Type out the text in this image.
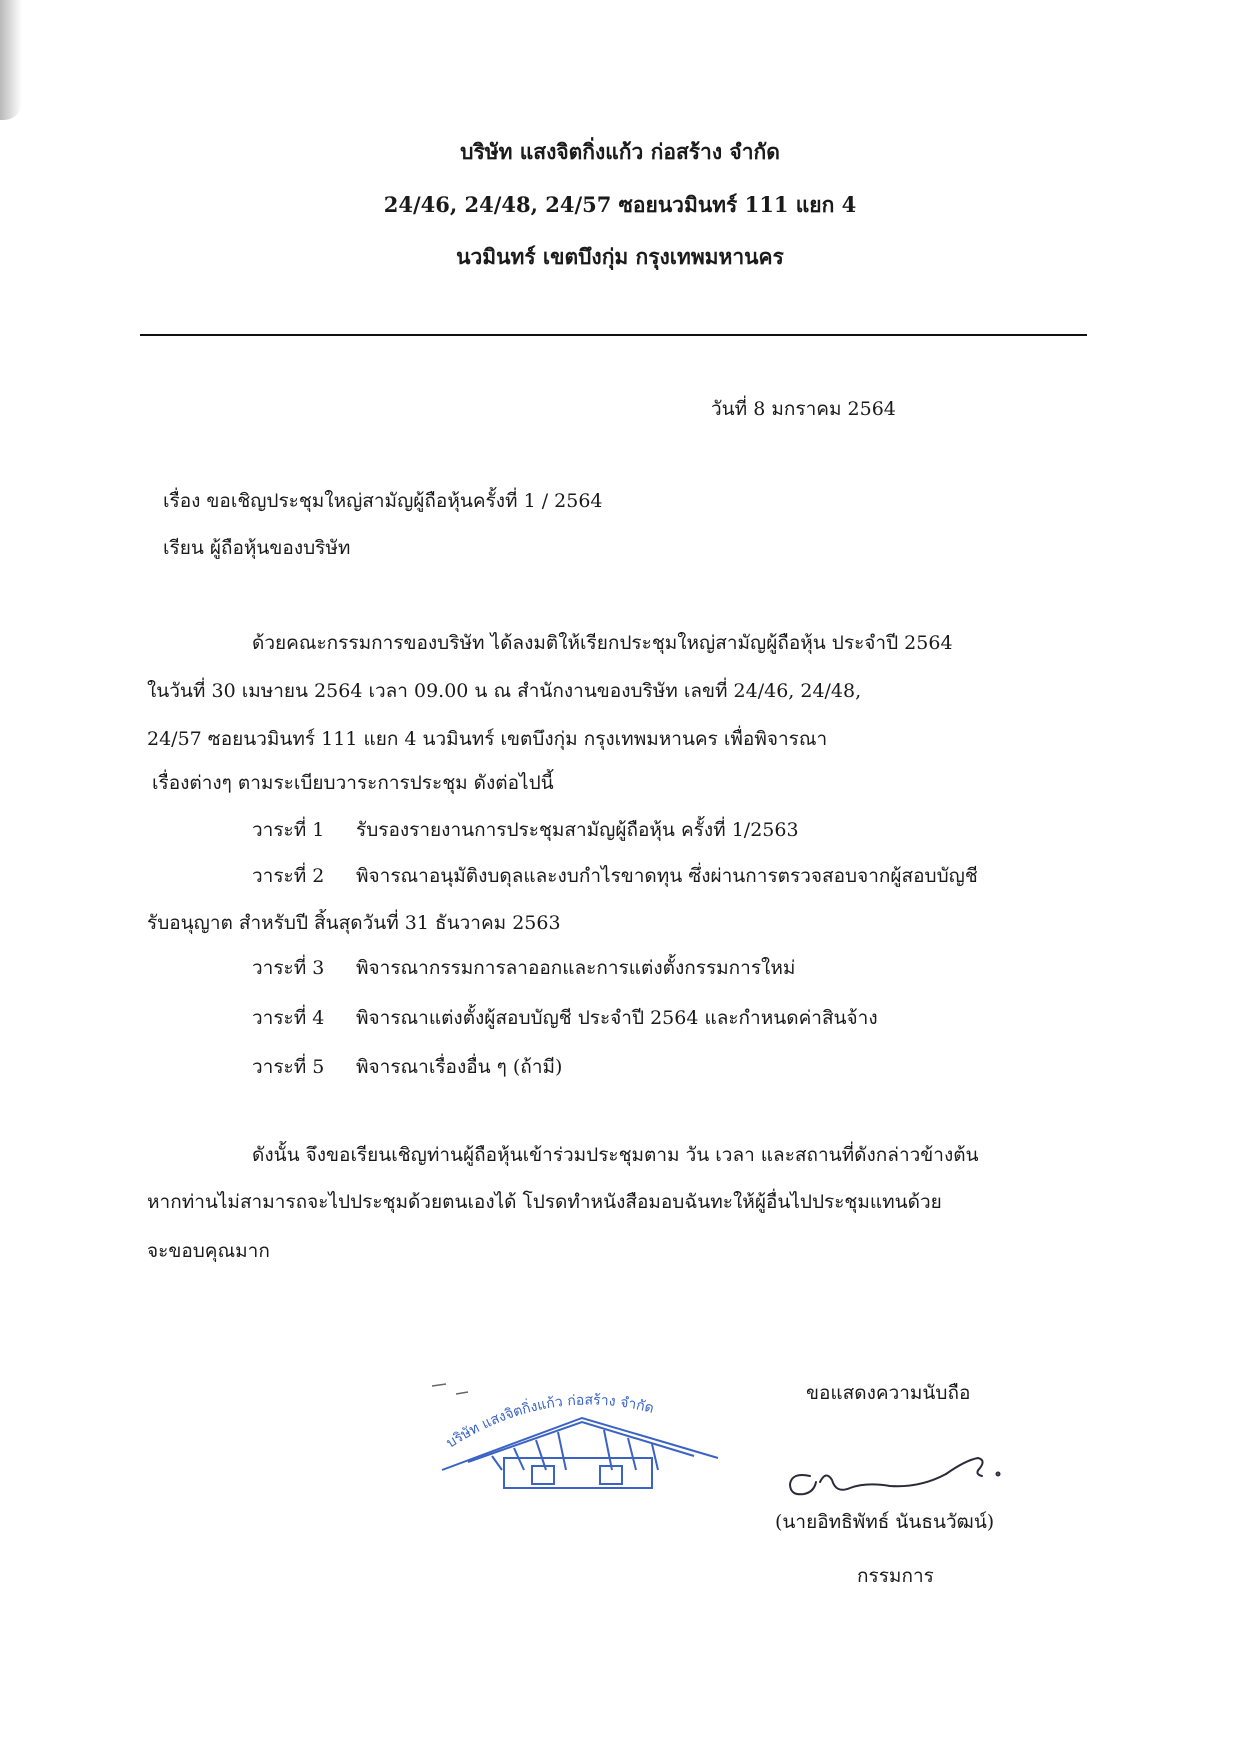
บริษัท แสงจิตกิ่งแก้ว ก่อสร้าง จำกัด
24/46, 24/48, 24/57 ซอยนวมินทร์ 111 แยก 4
นวมินทร์ เขตบึงกุ่ม กรุงเทพมหานคร
วันที่ 8 มกราคม 2564
เรื่อง ขอเชิญประชุมใหญ่สามัญผู้ถือหุ้นครั้งที่ 1 / 2564
เรียน ผู้ถือหุ้นของบริษัท
ด้วยคณะกรรมการของบริษัท ได้ลงมติให้เรียกประชุมใหญ่สามัญผู้ถือหุ้น ประจำปี 2564
ในวันที่ 30 เมษายน 2564 เวลา 09.00 น ณ สำนักงานของบริษัท เลขที่ 24/46, 24/48,
24/57 ซอยนวมินทร์ 111 แยก 4 นวมินทร์ เขตบึงกุ่ม กรุงเทพมหานคร เพื่อพิจารณา
เรื่องต่างๆ ตามระเบียบวาระการประชุม ดังต่อไปนี้
วาระที่ 1 รับรองรายงานการประชุมสามัญผู้ถือหุ้น ครั้งที่ 1/2563
วาระที่ 2 พิจารณาอนุมัติงบดุลและงบกำไรขาดทุน ซึ่งผ่านการตรวจสอบจากผู้สอบบัญชี
รับอนุญาต สำหรับปี สิ้นสุดวันที่ 31 ธันวาคม 2563
วาระที่ 3 พิจารณากรรมการลาออกและการแต่งตั้งกรรมการใหม่
วาระที่ 4 พิจารณาแต่งตั้งผู้สอบบัญชี ประจำปี 2564 และกำหนดค่าสินจ้าง
วาระที่ 5 พิจารณาเรื่องอื่น ๆ (ถ้ามี)
ดังนั้น จึงขอเรียนเชิญท่านผู้ถือหุ้นเข้าร่วมประชุมตาม วัน เวลา และสถานที่ดังกล่าวข้างต้น
หากท่านไม่สามารถจะไปประชุมด้วยตนเองได้ โปรดทำหนังสือมอบฉันทะให้ผู้อื่นไปประชุมแทนด้วย
จะขอบคุณมาก
ขอแสดงความนับถือ
บริษัท แสงจิตกิ่งแก้ว ก่อสร้าง จำกัด
(นายอิทธิพัทธ์ นันธนวัฒน์)
กรรมการ
